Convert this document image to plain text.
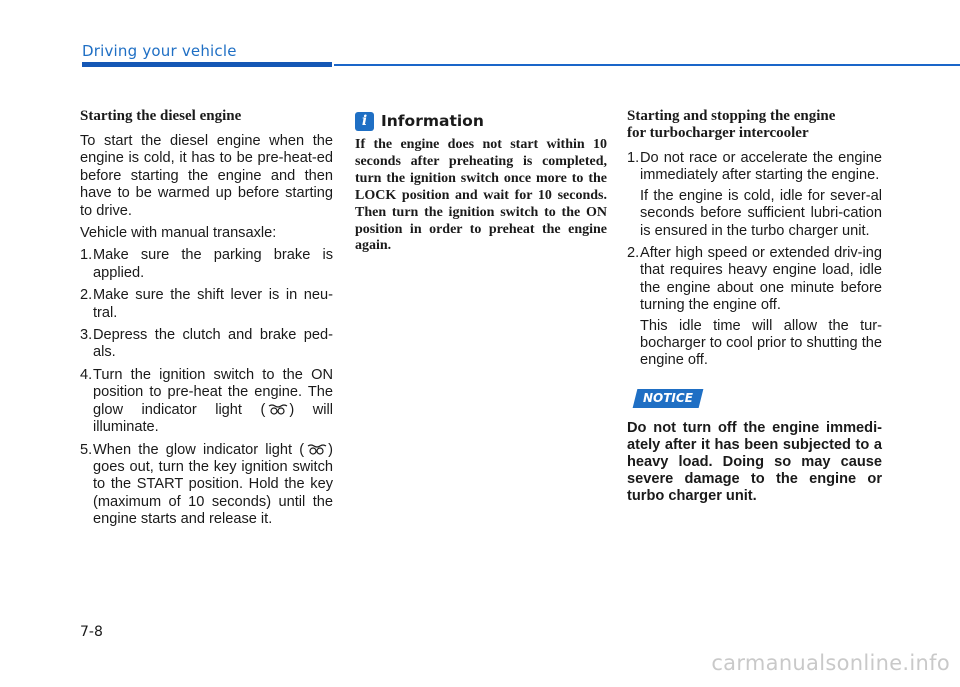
Driving your vehicle
Starting the diesel engine

To start the diesel engine when the engine is cold, it has to be pre-heat-ed before starting the engine and then have to be warmed up before starting to drive.

Vehicle with manual transaxle:

1. Make sure the parking brake is applied.
2. Make sure the shift lever is in neu-tral.
3. Depress the clutch and brake ped-als.
4. Turn the ignition switch to the ON position to pre-heat the engine. The glow indicator light ( ) will illuminate.
5. When the glow indicator light ( ) goes out, turn the key ignition switch to the START position. Hold the key (maximum of 10 seconds) until the engine starts and release it.
i Information
If the engine does not start within 10 seconds after preheating is completed, turn the ignition switch once more to the LOCK position and wait for 10 seconds. Then turn the ignition switch to the ON position in order to preheat the engine again.
Starting and stopping the engine
for turbocharger intercooler
1. Do not race or accelerate the engine immediately after starting the engine.
If the engine is cold, idle for sever-al seconds before sufficient lubri-cation is ensured in the turbo charger unit.
2. After high speed or extended driv-ing that requires heavy engine load, idle the engine about one minute before turning the engine off.
This idle time will allow the tur-bocharger to cool prior to shutting the engine off.
NOTICE
Do not turn off the engine immedi-ately after it has been subjected to a heavy load. Doing so may cause severe damage to the engine or turbo charger unit.
7-8
carmanualsonline.info
